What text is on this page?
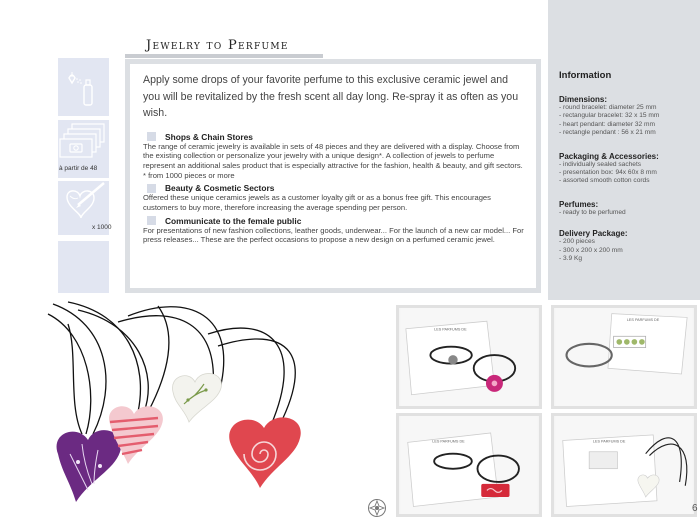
Jewelry to Perfume
à partir de 48
x 1000

Apply some drops of your favorite perfume to this exclusive ceramic jewel and you will be revitalized by the fresh scent all day long. Re-spray it as often as you wish.

Shops & Chain Stores

The range of ceramic jewelry is available in sets of 48 pieces and they are delivered with a display. Choose from the existing collection or personalize your jewelry with a unique design*. A collection of jewels to perfume represent an additional sales product that is especially attractive for the fashion, health & beauty, and gift sectors.
* from 1000 pieces or more

Beauty & Cosmetic Sectors

Offered these unique ceramics jewels as a customer loyalty gift or as a bonus free gift. This encourages customers to buy more, therefore increasing the average spending per person.

Communicate to the female public

For presentations of new fashion collections, leather goods, underwear... For the launch of a new car model... For press releases... These are the perfect occasions to propose a new design on a perfumed ceramic jewel.

Information
Dimensions:
- round bracelet: diameter 25 mm
- rectangular bracelet: 32 x 15 mm
- heart pendant: diameter 32 mm
- rectangle pendant : 56 x 21 mm
Packaging & Accessories:
- individually sealed sachets
- presentation box: 94x 60x 8 mm
- assorted smooth cotton cords
Perfumes:
- ready to be perfumed
Delivery Package:
- 200 pieces
- 300 x 200 x 200 mm
- 3.9 Kg
LES PARFUMS DE
LES PARFUMS DE
LES PARFUMS DE	LES PARFUMS DE
6
